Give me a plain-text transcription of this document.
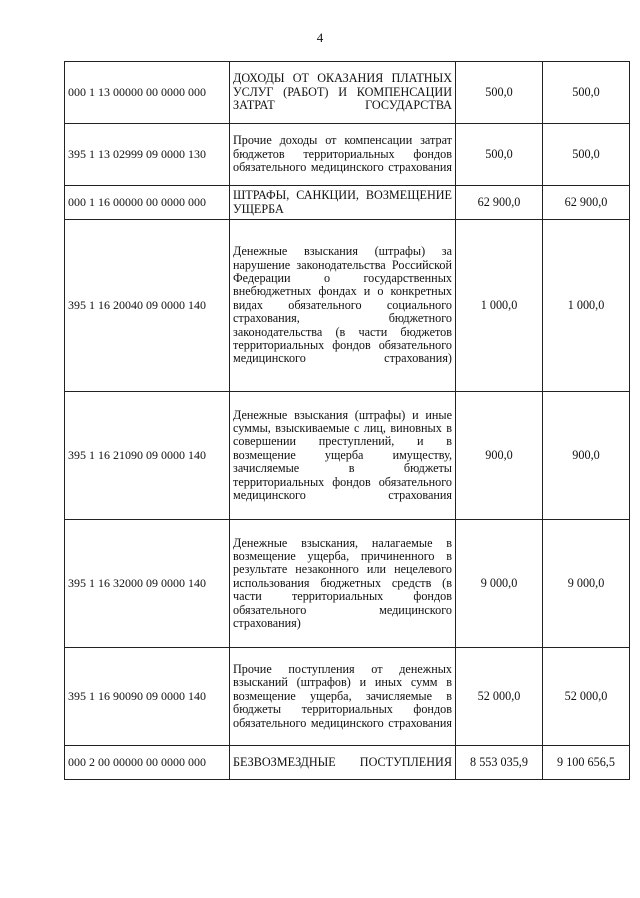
4
000 1 13 00000 00 0000 000	ДОХОДЫ ОТ ОКАЗАНИЯ ПЛАТНЫХ УСЛУГ (РАБОТ) И КОМПЕНСАЦИИ ЗАТРАТ ГОСУДАРСТВА	500,0	500,0
395 1 13 02999 09 0000 130	Прочие доходы от компенсации затрат бюджетов территориальных фондов обязательного медицинского страхования	500,0	500,0
000 1 16 00000 00 0000 000	ШТРАФЫ, САНКЦИИ, ВОЗМЕЩЕНИЕ УЩЕРБА	62 900,0	62 900,0
395 1 16 20040 09 0000 140	Денежные взыскания (штрафы) за нарушение законодательства Российской Федерации о государственных внебюджетных фондах и о конкретных видах обязательного социального страхования, бюджетного законодательства (в части бюджетов территориальных фондов обязательного медицинского страхования)	1 000,0	1 000,0
395 1 16 21090 09 0000 140	Денежные взыскания (штрафы) и иные суммы, взыскиваемые с лиц, виновных в совершении преступлений, и в возмещение ущерба имуществу, зачисляемые в бюджеты территориальных фондов обязательного медицинского страхования	900,0	900,0
395 1 16 32000 09 0000 140	Денежные взыскания, налагаемые в возмещение ущерба, причиненного в результате незаконного или нецелевого использования бюджетных средств (в части территориальных фондов обязательного медицинского страхования)	9 000,0	9 000,0
395 1 16 90090 09 0000 140	Прочие поступления от денежных взысканий (штрафов) и иных сумм в возмещение ущерба, зачисляемые в бюджеты территориальных фондов обязательного медицинского страхования	52 000,0	52 000,0
000 2 00 00000 00 0000 000	БЕЗВОЗМЕЗДНЫЕ ПОСТУПЛЕНИЯ	8 553 035,9	9 100 656,5
